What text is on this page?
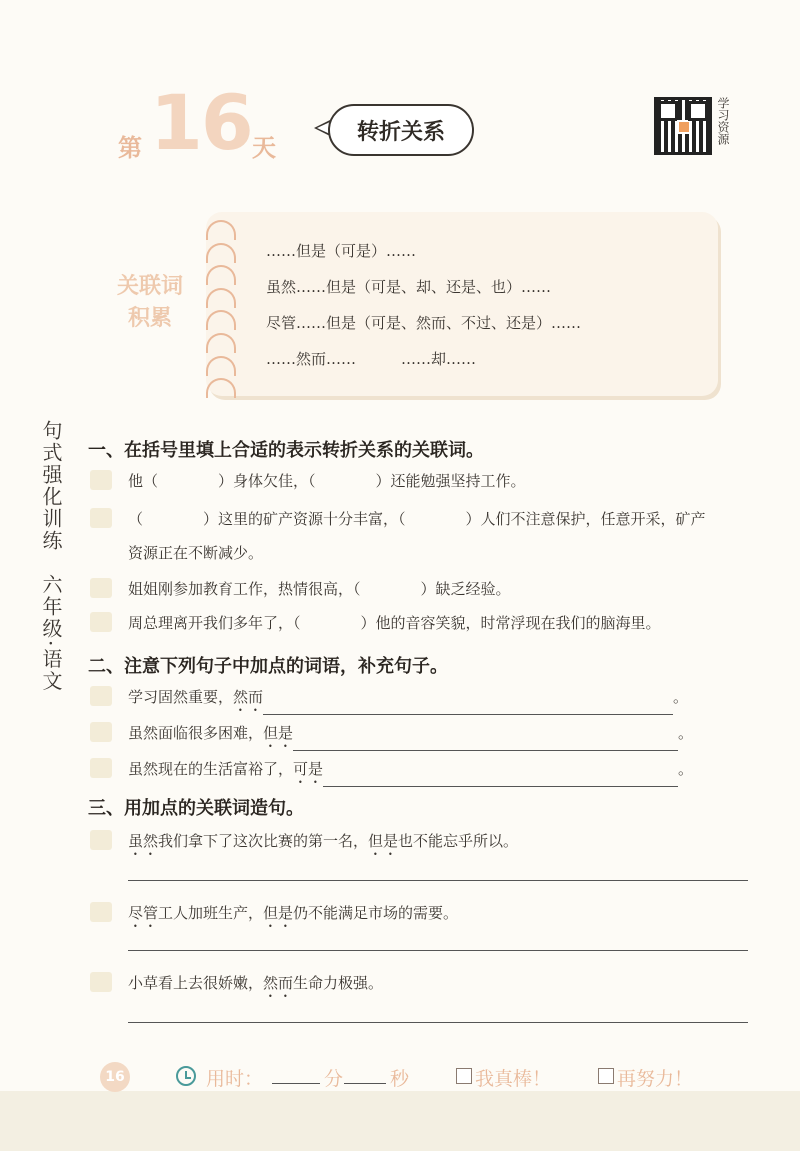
第 16 天
转折关系	学习资源
关联词
积累
……但是（可是）……
虽然……但是（可是、却、还是、也）……
尽管……但是（可是、然而、不过、还是）……
……然而……　　　……却……
句式强化训练　六年级·语文 一、在括号里填上合适的表示转折关系的关联词。
他（	）身体欠佳，（	）还能勉强坚持工作。
（	）这里的矿产资源十分丰富，（	）人们不注意保护，任意开采，矿产
资源正在不断减少。
姐姐刚参加教育工作，热情很高，（	）缺乏经验。
周总理离开我们多年了，（	）他的音容笑貌，时常浮现在我们的脑海里。
二、注意下列句子中加点的词语，补充句子。
学习固然重要，然而	。
虽然面临很多困难，但是	。
虽然现在的生活富裕了，可是	。
三、用加点的关联词造句。
虽然我们拿下了这次比赛的第一名，但是也不能忘乎所以。
尽管工人加班生产，但是仍不能满足市场的需要。
小草看上去很娇嫩，然而生命力极强。
16	用时：	分 秒	我真棒！	再努力！
